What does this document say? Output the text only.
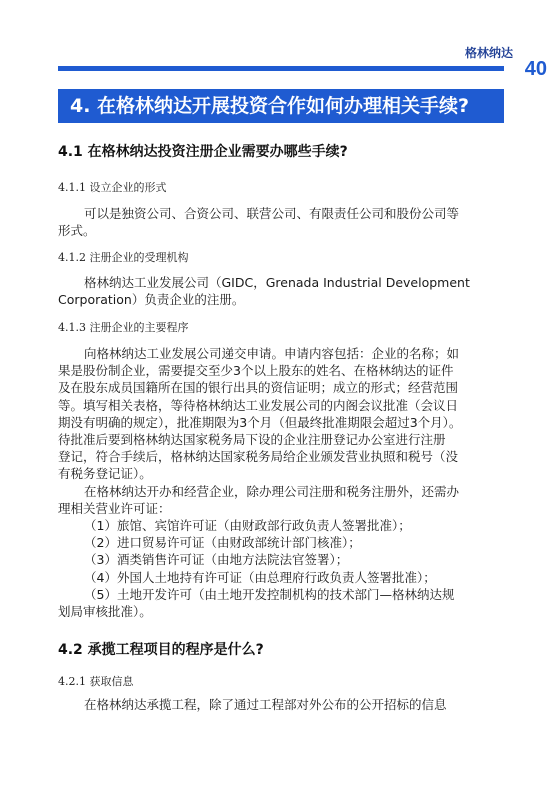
格林纳达
40
4. 在格林纳达开展投资合作如何办理相关手续?
4.1 在格林纳达投资注册企业需要办哪些手续?
4.1.1 设立企业的形式
可以是独资公司、合资公司、联营公司、有限责任公司和股份公司等
形式。
4.1.2 注册企业的受理机构
格林纳达工业发展公司（GIDC，Grenada Industrial Development
Corporation）负责企业的注册。
4.1.3 注册企业的主要程序
向格林纳达工业发展公司递交申请。申请内容包括：企业的名称；如
果是股份制企业，需要提交至少3个以上股东的姓名、在格林纳达的证件
及在股东成员国籍所在国的银行出具的资信证明；成立的形式；经营范围
等。填写相关表格，等待格林纳达工业发展公司的内阁会议批准（会议日
期没有明确的规定），批准期限为3个月（但最终批准期限会超过3个月）。
待批准后要到格林纳达国家税务局下设的企业注册登记办公室进行注册
登记，符合手续后，格林纳达国家税务局给企业颁发营业执照和税号（没
有税务登记证）。
在格林纳达开办和经营企业，除办理公司注册和税务注册外，还需办
理相关营业许可证：
（1）旅馆、宾馆许可证（由财政部行政负责人签署批准）；
（2）进口贸易许可证（由财政部统计部门核准）；
（3）酒类销售许可证（由地方法院法官签署）；
（4）外国人土地持有许可证（由总理府行政负责人签署批准）；
（5）土地开发许可（由土地开发控制机构的技术部门—格林纳达规
划局审核批准）。
4.2 承揽工程项目的程序是什么?
4.2.1 获取信息
在格林纳达承揽工程，除了通过工程部对外公布的公开招标的信息
